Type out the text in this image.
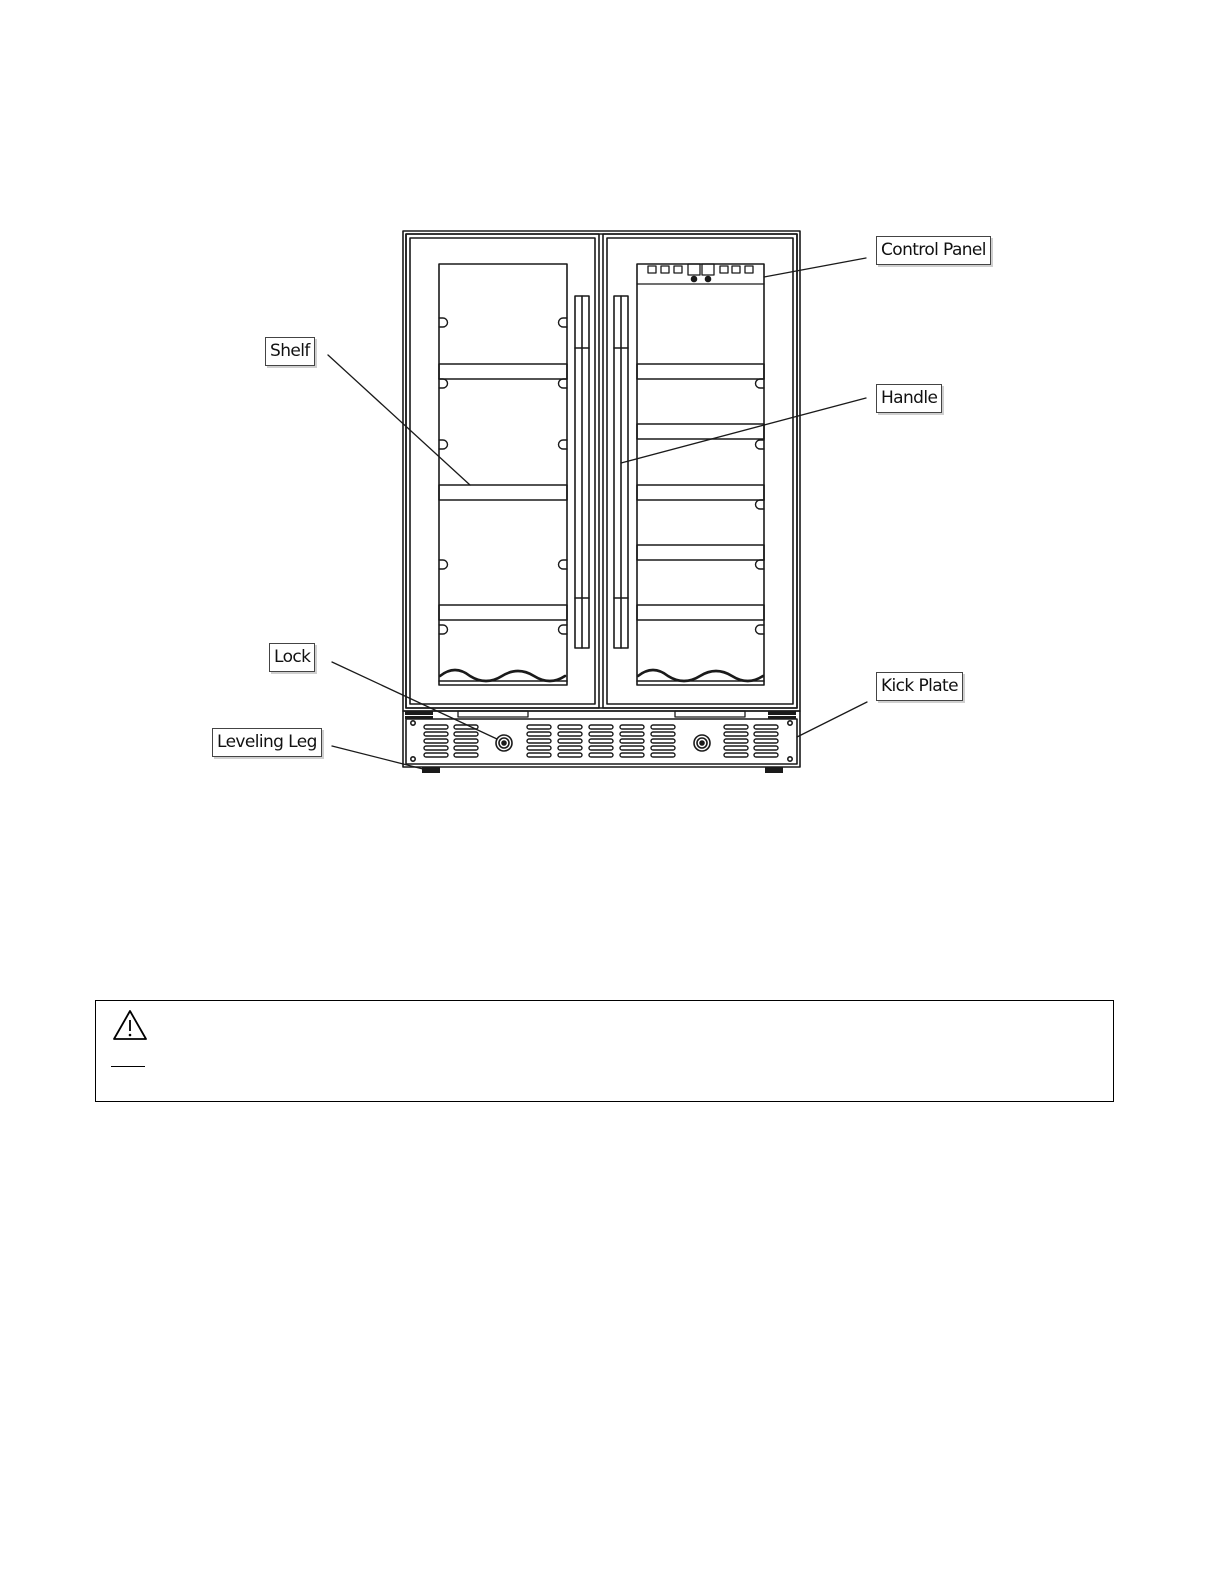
Control Panel
Shelf
Handle
Lock
Kick Plate
Leveling Leg
